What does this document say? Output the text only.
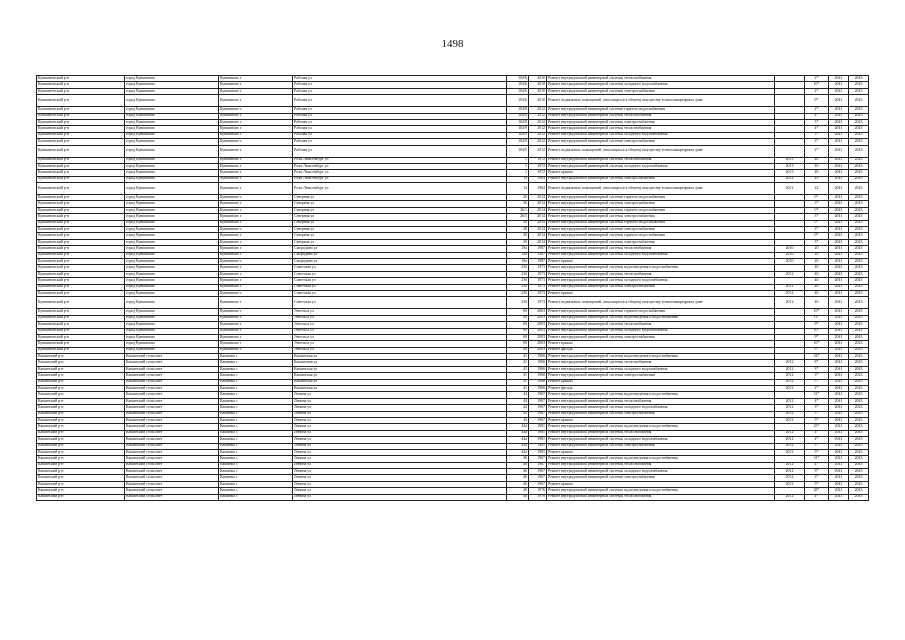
1498
Кувшиновский р-н	город Кувшиново	Кувшиново г	Рабочая ул	104/6	2010	Ремонт внутридомовой инженерной системы теплоснабжения		2*	2041	2043
Кувшиновский р-н	город Кувшиново	Кувшиново г	Рабочая ул	104/6	2010	Ремонт внутридомовой инженерной системы холодного водоснабжения		10*	2041	2043
Кувшиновский р-н	город Кувшиново	Кувшиново г	Рабочая ул	104/6	2010	Ремонт внутридомовой инженерной системы электроснабжения		2*	2041	2043
Кувшиновский р-н	город Кувшиново	Кувшиново г	Рабочая ул	104/6	2010	Ремонт подвальных помещений, относящихся к общему имуществу в многоквартирном доме		9*	2041	2043
Кувшиновский р-н	город Кувшиново	Кувшиново г	Рабочая ул	104/8	2012	Ремонт внутридомовой инженерной системы горячего водоснабжения		2*	2041	2043
Кувшиновский р-н	город Кувшиново	Кувшиново г	Рабочая ул	104/8	2012	Ремонт внутридомовой инженерной системы теплоснабжения		4*	2041	2043
Кувшиновский р-н	город Кувшиново	Кувшиново г	Рабочая ул	104/8	2012	Ремонт внутридомовой инженерной системы электроснабжения		3*	2041	2043
Кувшиновский р-н	город Кувшиново	Кувшиново г	Рабочая ул	104/9	2012	Ремонт внутридомовой инженерной системы теплоснабжения		4*	2041	2043
Кувшиновский р-н	город Кувшиново	Кувшиново г	Рабочая ул	104/9	2012	Ремонт внутридомовой инженерной системы холодного водоснабжения		3*	2041	2043
Кувшиновский р-н	город Кувшиново	Кувшиново г	Рабочая ул	104/9	2012	Ремонт внутридомовой инженерной системы электроснабжения		3*	2041	2043
Кувшиновский р-н	город Кувшиново	Кувшиново г	Рабочая ул	104/9	2012	Ремонт подвальных помещений, относящихся к общему имуществу в многоквартирном доме		2*	2041	2043
Кувшиновский р-н	город Кувшиново	Кувшиново г	Розы Люксембург ул	1	1972	Ремонт внутридомовой инженерной системы теплоснабжения	2013	40	2041	2043
Кувшиновский р-н	город Кувшиново	Кувшиново г	Розы Люксембург ул	1	1972	Ремонт внутридомовой инженерной системы холодного водоснабжения	2013	40	2041	2043
Кувшиновский р-н	город Кувшиново	Кувшиново г	Розы Люксембург ул	1	1972	Ремонт крыши	2013	40	2041	2043
Кувшиновский р-н	город Кувшиново	Кувшиново г	Розы Люксембург ул	14	1964	Ремонт внутридомовой инженерной системы электроснабжения	2012	45	2041	2043
Кувшиновский р-н	город Кувшиново	Кувшиново г	Розы Люксембург ул	14	1964	Ремонт подвальных помещений, относящихся к общему имуществу в многоквартирном доме	2012	22	2041	2043
Кувшиновский р-н	город Кувшиново	Кувшиново г	Северная ул	26	2014	Ремонт внутридомовой инженерной системы горячего водоснабжения		0*	2041	2043
Кувшиновский р-н	город Кувшиново	Кувшиново г	Северная ул	26	2014	Ремонт внутридомовой инженерной системы электроснабжения		3*	2041	2043
Кувшиновский р-н	город Кувшиново	Кувшиново г	Северная ул	26/1	2014	Ремонт внутридомовой инженерной системы горячего водоснабжения		0*	2041	2043
Кувшиновский р-н	город Кувшиново	Кувшиново г	Северная ул	26/1	2014	Ремонт внутридомовой инженерной системы электроснабжения		3*	2041	2043
Кувшиновский р-н	город Кувшиново	Кувшиново г	Северная ул	28	2014	Ремонт внутридомовой инженерной системы горячего водоснабжения		0*	2041	2043
Кувшиновский р-н	город Кувшиново	Кувшиново г	Северная ул	28	2014	Ремонт внутридомовой инженерной системы электроснабжения		3*	2041	2043
Кувшиновский р-н	город Кувшиново	Кувшиново г	Северная ул	30	2014	Ремонт внутридомовой инженерной системы горячего водоснабжения		0*	2041	2043
Кувшиновский р-н	город Кувшиново	Кувшиново г	Северная ул	30	2014	Ремонт внутридомовой инженерной системы электроснабжения		3*	2041	2043
Кувшиновский р-н	город Кувшиново	Кувшиново г	Смородина ул	18а	1987	Ремонт внутридомовой инженерной системы теплоснабжения	2010	20	2041	2043
Кувшиновский р-н	город Кувшиново	Кувшиново г	Смородина ул	18а	1987	Ремонт внутридомовой инженерной системы холодного водоснабжения	2010	20	2041	2043
Кувшиновский р-н	город Кувшиново	Кувшиново г	Смородина ул	18а	1987	Ремонт крыши	2010	20	2041	2043
Кувшиновский р-н	город Кувшиново	Кувшиново г	Советская ул	23б	1973	Ремонт внутридомовой инженерной системы водоотведения и водоснабжения		40	2041	2043
Кувшиновский р-н	город Кувшиново	Кувшиново г	Советская ул	23б	1973	Ремонт внутридомовой инженерной системы теплоснабжения	2012	40	2041	2043
Кувшиновский р-н	город Кувшиново	Кувшиново г	Советская ул	23б	1973	Ремонт внутридомовой инженерной системы холодного водоснабжения		40	2041	2043
Кувшиновский р-н	город Кувшиново	Кувшиново г	Советская ул	23б	1973	Ремонт внутридомовой инженерной системы электроснабжения	2012	40	2041	2043
Кувшиновский р-н	город Кувшиново	Кувшиново г	Советская ул	23б	1973	Ремонт крыши	2012	40	2041	2043
Кувшиновский р-н	город Кувшиново	Кувшиново г	Советская ул	23б	1973	Ремонт подвальных помещений, относящихся к общему имуществу в многоквартирном доме	2012	40	2041	2043
Кувшиновский р-н	город Кувшиново	Кувшиново г	Энгельса ул	69	2003	Ремонт внутридомовой инженерной системы горячего водоснабжения		10*	2041	2043
Кувшиновский р-н	город Кувшиново	Кувшиново г	Энгельса ул	69	2003	Ремонт внутридомовой инженерной системы водоотведения и водоснабжения		11*	2041	2043
Кувшиновский р-н	город Кувшиново	Кувшиново г	Энгельса ул	69	2003	Ремонт внутридомовой инженерной системы теплоснабжения		9*	2041	2043
Кувшиновский р-н	город Кувшиново	Кувшиново г	Энгельса ул	69	2003	Ремонт внутридомовой инженерной системы холодного водоснабжения		10*	2041	2043
Кувшиновский р-н	город Кувшиново	Кувшиново г	Энгельса ул	69	2003	Ремонт внутридомовой инженерной системы электроснабжения		9*	2041	2043
Кувшиновский р-н	город Кувшиново	Кувшиново г	Энгельса ул	69	2003	Ремонт крыши		10*	2041	2043
Кувшиновский р-н	город Кувшиново	Кувшиново г	Энгельса ул	69	2003	Ремонт фасада		9*	2041	2043
Кашинский р-н	Кашинский сельсовет	Кашинка с	Кашинская ул	41	1966	Ремонт внутридомовой инженерной системы водоотведения и водоснабжения		32*	2041	2043
Кашинский р-н	Кашинский сельсовет	Кашинка с	Кашинская ул	41	1966	Ремонт внутридомовой инженерной системы теплоснабжения	2012	8*	2041	2043
Кашинский р-н	Кашинский сельсовет	Кашинка с	Кашинская ул	41	1966	Ремонт внутридомовой инженерной системы холодного водоснабжения	2012	3*	2041	2043
Кашинский р-н	Кашинский сельсовет	Кашинка с	Кашинская ул	41	1966	Ремонт внутридомовой инженерной системы электроснабжения	2012	3*	2041	2043
Кашинский р-н	Кашинский сельсовет	Кашинка с	Кашинская ул	41	1966	Ремонт крыши	2012	5*	2041	2043
Кашинский р-н	Кашинский сельсовет	Кашинка с	Кашинская ул	41	1966	Ремонт фасада	2012	2*	2041	2043
Кашинский р-н	Кашинский сельсовет	Кашинка с	Ленина ул	44	1967	Ремонт внутридомовой инженерной системы водоотведения и водоснабжения		31*	2041	2043
Кашинский р-н	Кашинский сельсовет	Кашинка с	Ленина ул	44	1967	Ремонт внутридомовой инженерной системы теплоснабжения	2012	4*	2041	2043
Кашинский р-н	Кашинский сельсовет	Кашинка с	Ленина ул	44	1967	Ремонт внутридомовой инженерной системы холодного водоснабжения	2012	3*	2041	2043
Кашинский р-н	Кашинский сельсовет	Кашинка с	Ленина ул	44	1967	Ремонт внутридомовой инженерной системы электроснабжения	2012	3*	2041	2043
Кашинский р-н	Кашинский сельсовет	Кашинка с	Ленина ул	44	1967	Ремонт крыши	2012	5*	2041	2043
Кашинский р-н	Кашинский сельсовет	Кашинка с	Ленина ул	44а	1981	Ремонт внутридомовой инженерной системы водоотведения и водоснабжения		25*	2041	2043
Кашинский р-н	Кашинский сельсовет	Кашинка с	Ленина ул	44а	1981	Ремонт внутридомовой инженерной системы теплоснабжения	2012	4*	2041	2043
Кашинский р-н	Кашинский сельсовет	Кашинка с	Ленина ул	44а	1981	Ремонт внутридомовой инженерной системы холодного водоснабжения	2012	4*	2041	2043
Кашинский р-н	Кашинский сельсовет	Кашинка с	Ленина ул	44а	1981	Ремонт внутридомовой инженерной системы электроснабжения	2012	3*	2041	2043
Кашинский р-н	Кашинский сельсовет	Кашинка с	Ленина ул	44а	1981	Ремонт крыши	2012	5*	2041	2043
Кашинский р-н	Кашинский сельсовет	Кашинка с	Ленина ул	46	1967	Ремонт внутридомовой инженерной системы водоотведения и водоснабжения		31*	2041	2043
Кашинский р-н	Кашинский сельсовет	Кашинка с	Ленина ул	46	1967	Ремонт внутридомовой инженерной системы теплоснабжения	2012	4*	2041	2043
Кашинский р-н	Кашинский сельсовет	Кашинка с	Ленина ул	46	1967	Ремонт внутридомовой инженерной системы холодного водоснабжения	2012	3*	2041	2043
Кашинский р-н	Кашинский сельсовет	Кашинка с	Ленина ул	46	1967	Ремонт внутридомовой инженерной системы электроснабжения	2012	3*	2041	2043
Кашинский р-н	Кашинский сельсовет	Кашинка с	Ленина ул	46	1967	Ремонт крыши	2012	5*	2041	2043
Кашинский р-н	Кашинский сельсовет	Кашинка с	Ленина ул	48	1976	Ремонт внутридомовой инженерной системы водоотведения и водоснабжения		28*	2041	2043
Кашинский р-н	Кашинский сельсовет	Кашинка с	Ленина ул	48	1976	Ремонт внутридомовой инженерной системы теплоснабжения	2012	4*	2041	2043
